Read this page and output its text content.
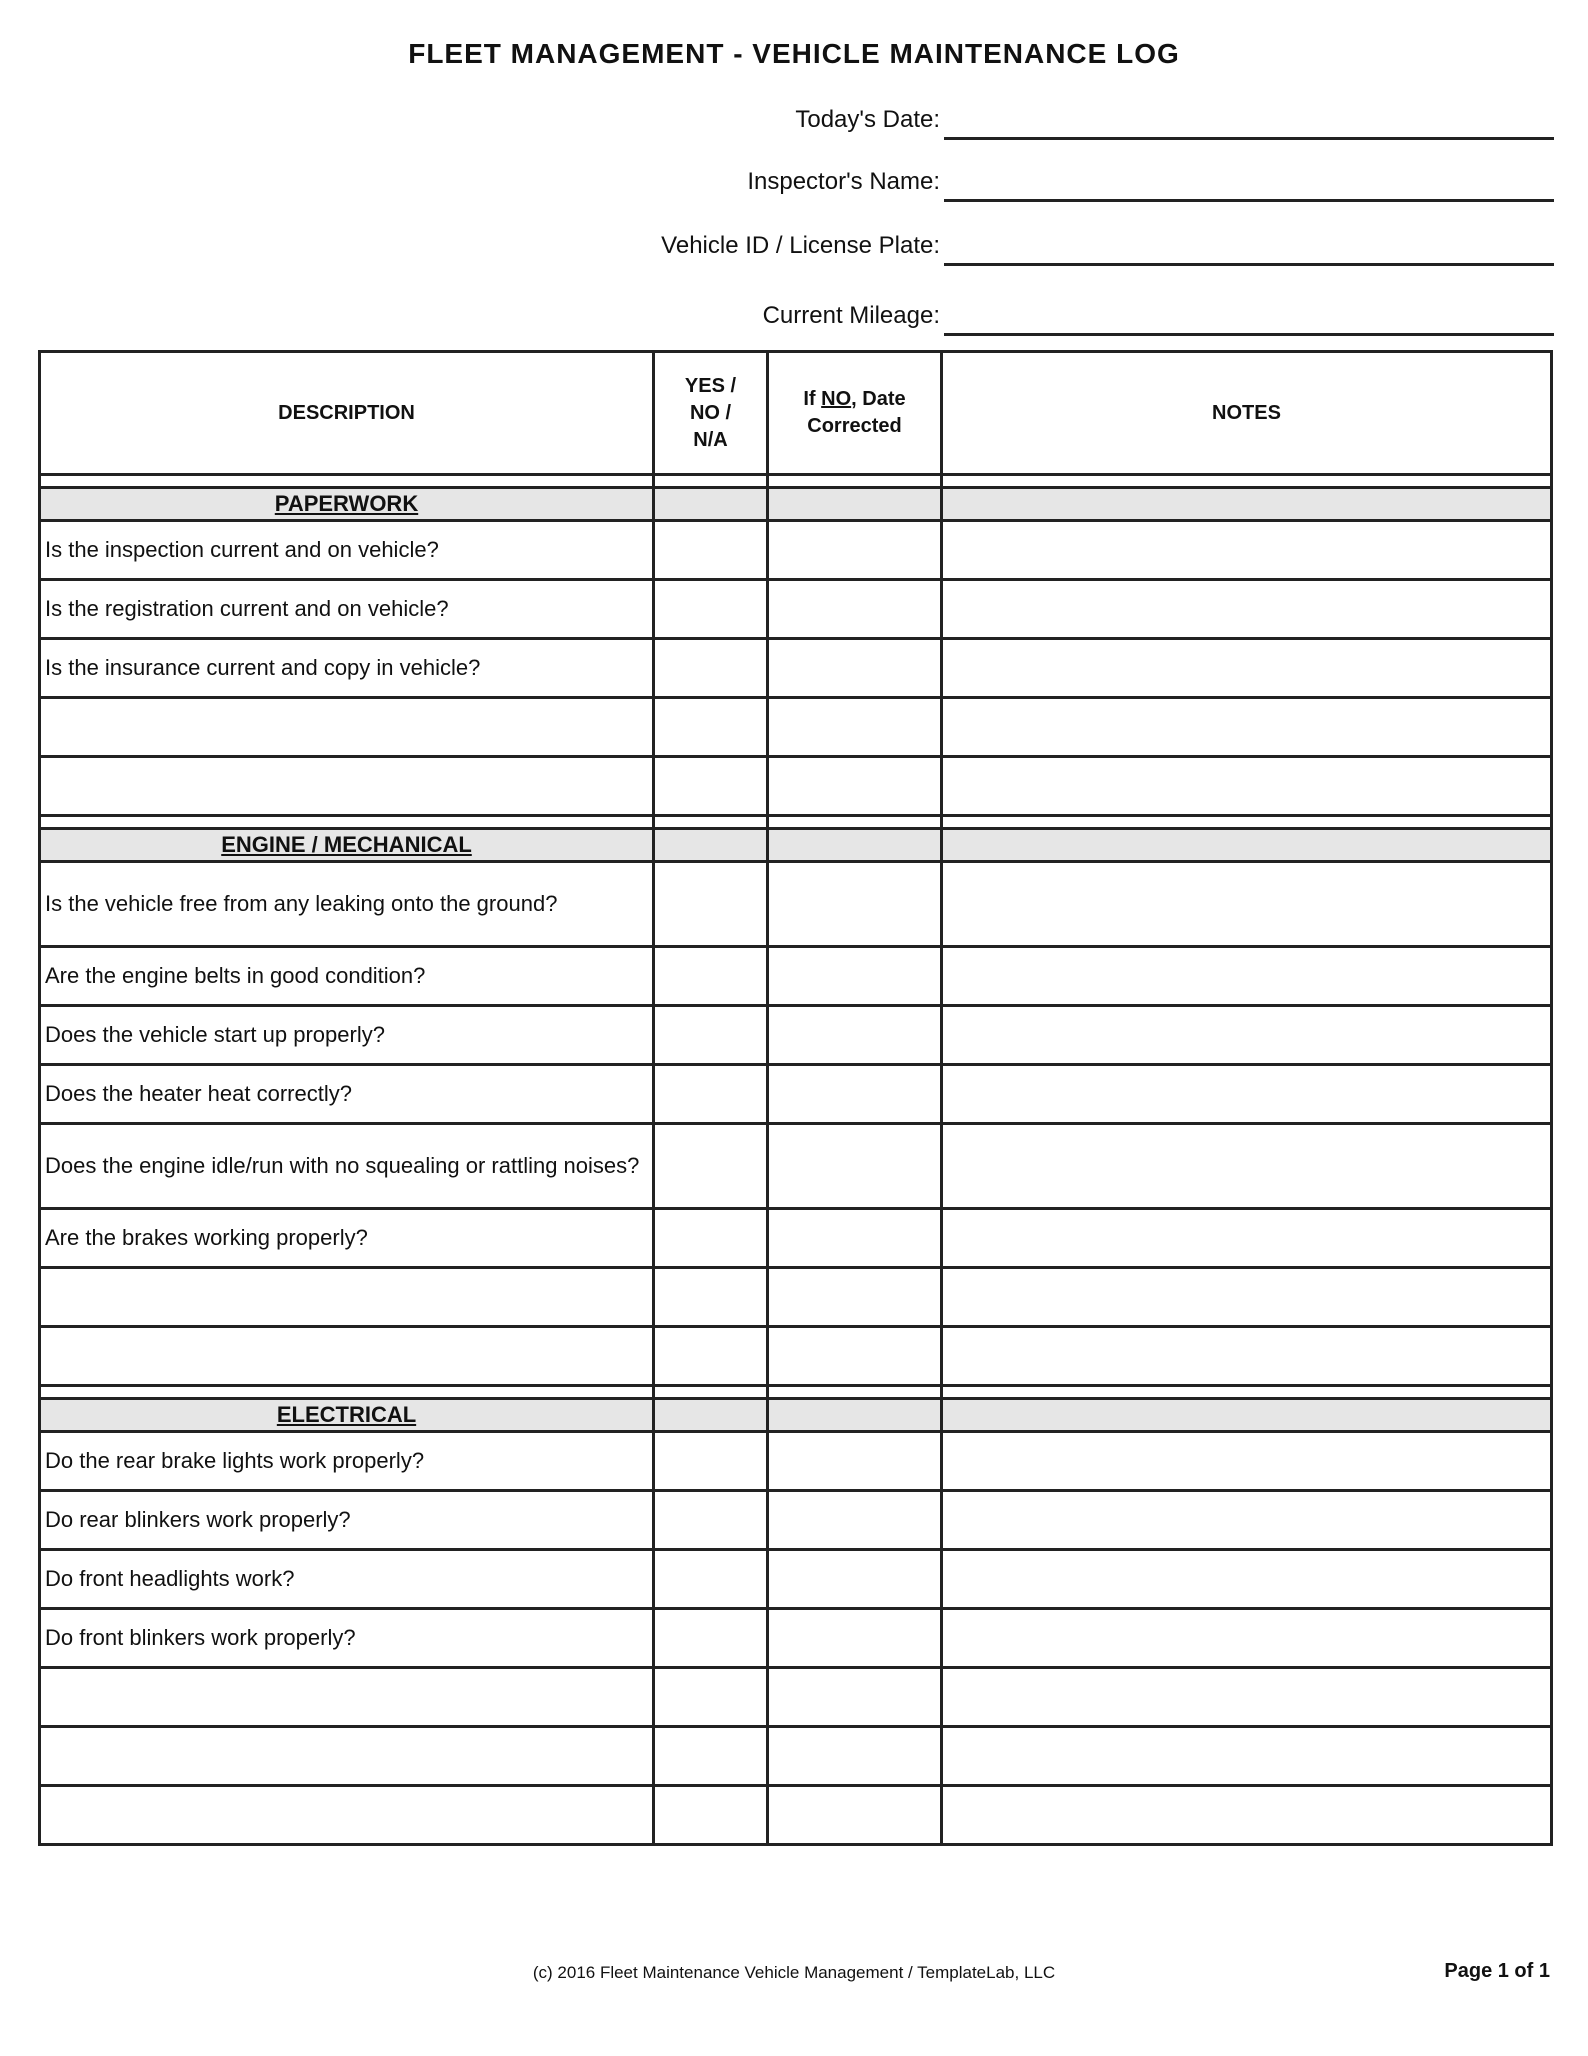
FLEET MANAGEMENT - VEHICLE MAINTENANCE LOG
Today's Date:
Inspector's Name:
Vehicle ID / License Plate:
Current Mileage:
DESCRIPTION	YES /
NO /
N/A	If NO, Date Corrected	NOTES

PAPERWORK			
Is the inspection current and on vehicle?			
Is the registration current and on vehicle?			
Is the insurance current and copy in vehicle?			

ENGINE / MECHANICAL			
Is the vehicle free from any leaking onto the ground?			
Are the engine belts in good condition?			
Does the vehicle start up properly?			
Does the heater heat correctly?			
Does the engine idle/run with no squealing or rattling noises?			
Are the brakes working properly?			

ELECTRICAL			
Do the rear brake lights work properly?			
Do rear blinkers work properly?			
Do front headlights work?			
Do front blinkers work properly?			

(c) 2016 Fleet Maintenance Vehicle Management / TemplateLab, LLC	Page 1 of 1
